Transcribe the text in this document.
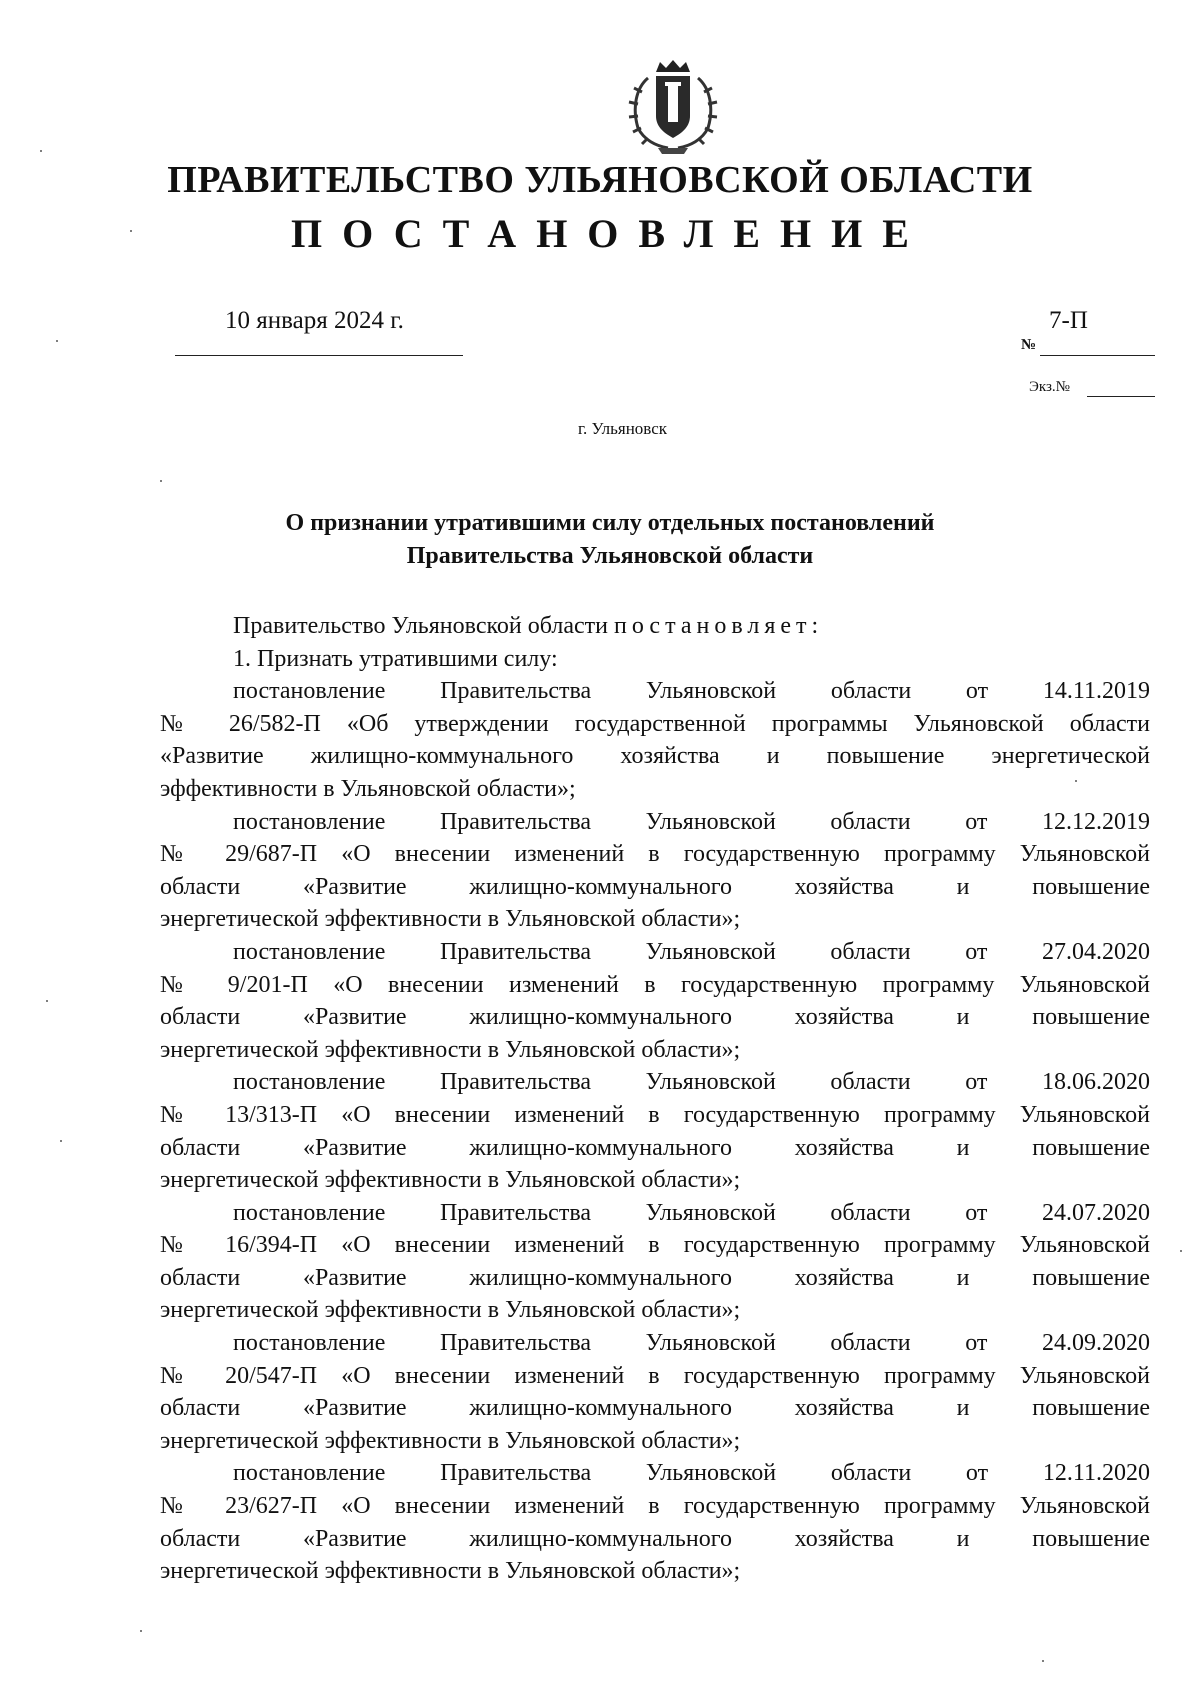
ПРАВИТЕЛЬСТВО УЛЬЯНОВСКОЙ ОБЛАСТИ
ПОСТАНОВЛЕНИЕ
10 января 2024 г.	7-П
№
Экз.№
г. Ульяновск
О признании утратившими силу отдельных постановлений
Правительства Ульяновской области
Правительство Ульяновской области постановляет:
1. Признать утратившими силу:
постановление Правительства Ульяновской области от 14.11.2019
№ 26/582-П «Об утверждении государственной программы Ульяновской области
«Развитие жилищно-коммунального хозяйства и повышение энергетической
эффективности в Ульяновской области»;
постановление Правительства Ульяновской области от 12.12.2019
№ 29/687-П «О внесении изменений в государственную программу Ульяновской
области «Развитие жилищно-коммунального хозяйства и повышение
энергетической эффективности в Ульяновской области»;
постановление Правительства Ульяновской области от 27.04.2020
№ 9/201-П «О внесении изменений в государственную программу Ульяновской
области «Развитие жилищно-коммунального хозяйства и повышение
энергетической эффективности в Ульяновской области»;
постановление Правительства Ульяновской области от 18.06.2020
№ 13/313-П «О внесении изменений в государственную программу Ульяновской
области «Развитие жилищно-коммунального хозяйства и повышение
энергетической эффективности в Ульяновской области»;
постановление Правительства Ульяновской области от 24.07.2020
№ 16/394-П «О внесении изменений в государственную программу Ульяновской
области «Развитие жилищно-коммунального хозяйства и повышение
энергетической эффективности в Ульяновской области»;
постановление Правительства Ульяновской области от 24.09.2020
№ 20/547-П «О внесении изменений в государственную программу Ульяновской
области «Развитие жилищно-коммунального хозяйства и повышение
энергетической эффективности в Ульяновской области»;
постановление Правительства Ульяновской области от 12.11.2020
№ 23/627-П «О внесении изменений в государственную программу Ульяновской
области «Развитие жилищно-коммунального хозяйства и повышение
энергетической эффективности в Ульяновской области»;
